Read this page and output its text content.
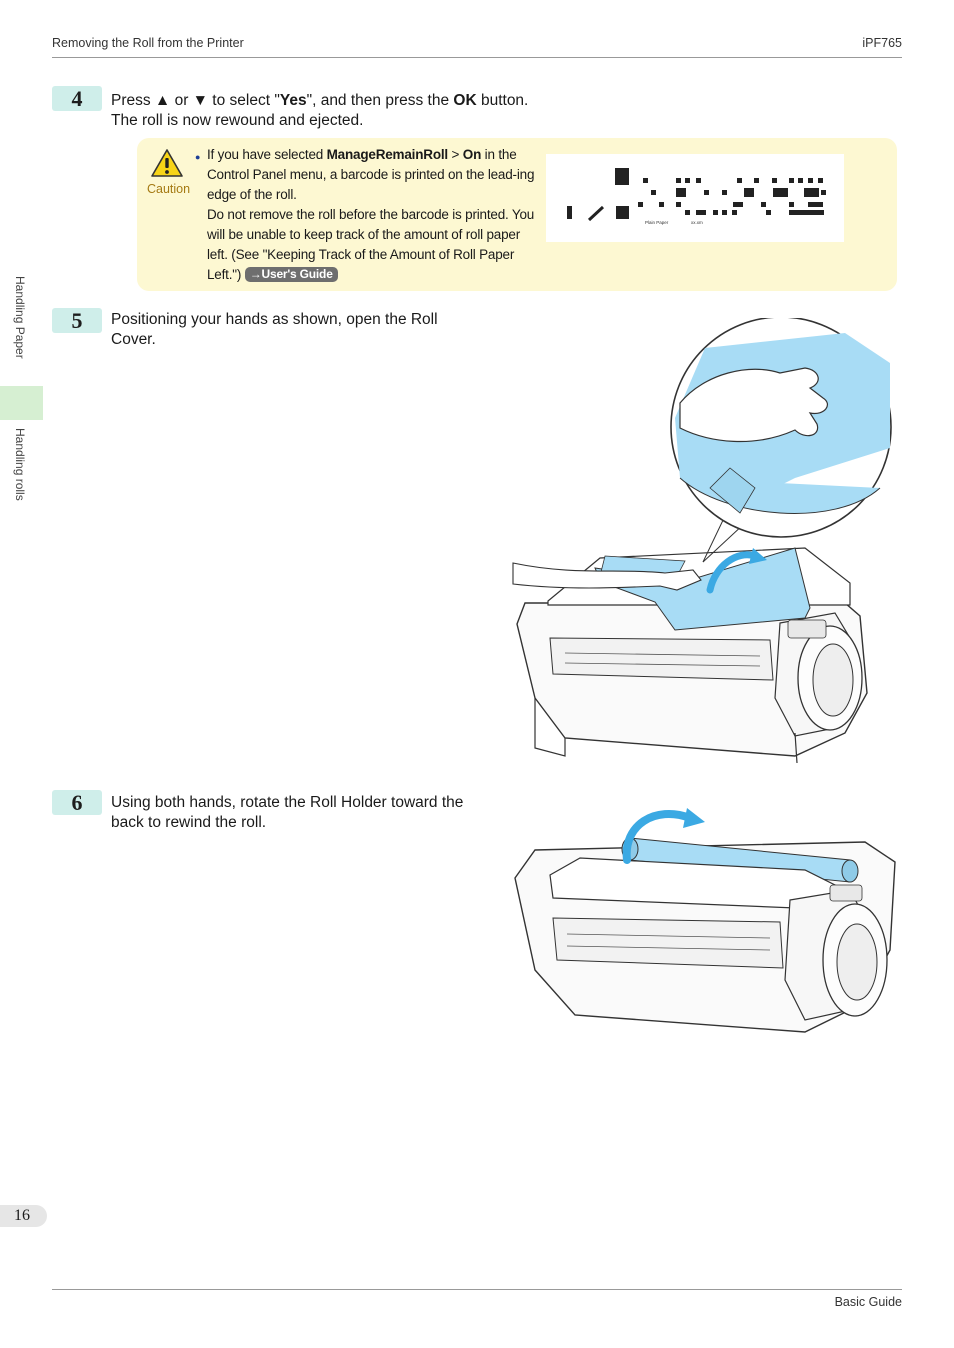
Removing the Roll from the Printer	iPF765
Handling Paper
Handling rolls
4	Press ▲ or ▼ to select "Yes", and then press the OK button.
The roll is now rewound and ejected.
Caution
● If you have selected ManageRemainRoll > On in the Control Panel menu, a barcode is printed on the lead-ing edge of the roll.
Do not remove the roll before the barcode is printed. You will be unable to keep track of the amount of roll paper left. (See "Keeping Track of the Amount of Roll Paper Left.") →User's Guide
Plain Paper	xx.xm
5	Positioning your hands as shown, open the Roll
Cover.
6	Using both hands, rotate the Roll Holder toward the
back to rewind the roll.
16
Basic Guide
